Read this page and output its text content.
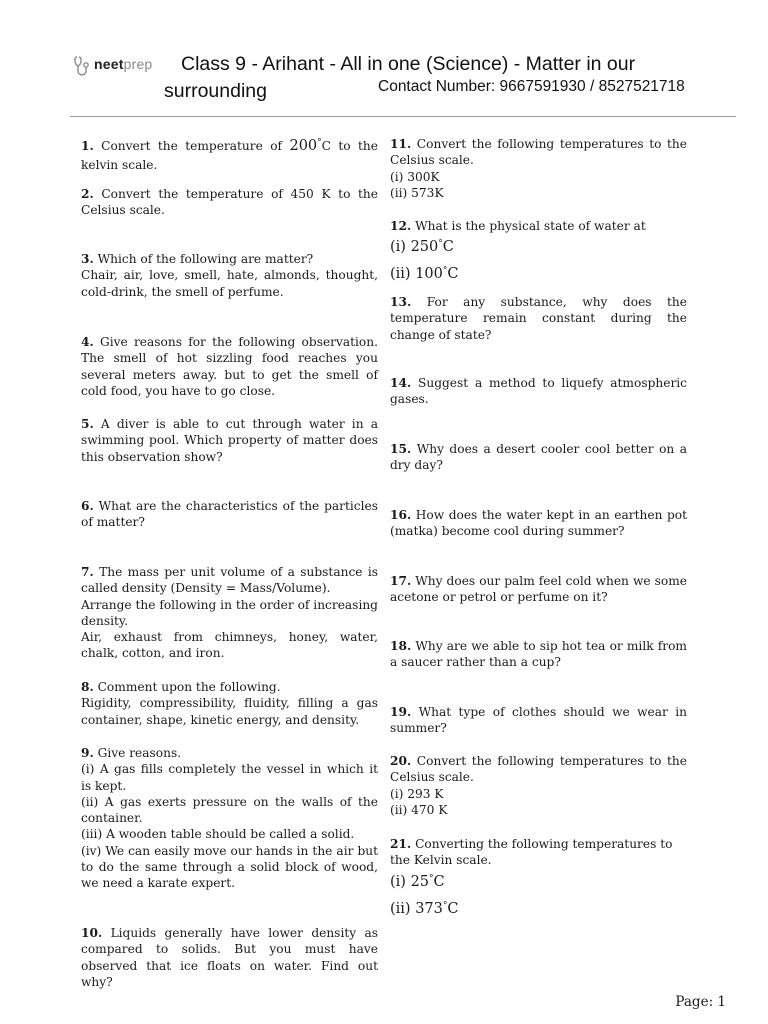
neetprep Class 9 - Arihant - All in one (Science) - Matter in our
surrounding	Contact Number: 9667591930 / 8527521718

1. Convert the temperature of 200°C to the kelvin scale.

2. Convert the temperature of 450 K to the Celsius scale.

3. Which of the following are matter?

Chair, air, love, smell, hate, almonds, thought, cold-drink, the smell of perfume.

4. Give reasons for the following observation. The smell of hot sizzling food reaches you several meters away. but to get the smell of cold food, you have to go close.

5. A diver is able to cut through water in a swimming pool. Which property of matter does this observation show?

6. What are the characteristics of the particles of matter?

7. The mass per unit volume of a substance is called density (Density = Mass/Volume).

Arrange the following in the order of increasing density.

Air, exhaust from chimneys, honey, water, chalk, cotton, and iron.

8. Comment upon the following.

Rigidity, compressibility, fluidity, filling a gas container, shape, kinetic energy, and density.

9. Give reasons.

(i) A gas fills completely the vessel in which it is kept.

(ii) A gas exerts pressure on the walls of the container.

(iii) A wooden table should be called a solid.

(iv) We can easily move our hands in the air but to do the same through a solid block of wood, we need a karate expert.

10. Liquids generally have lower density as compared to solids. But you must have observed that ice floats on water. Find out why?

11. Convert the following temperatures to the Celsius scale.

(i) 300K

(ii) 573K

12. What is the physical state of water at

(i) 250°C

(ii) 100°C

13. For any substance, why does the temperature remain constant during the change of state?

14. Suggest a method to liquefy atmospheric gases.

15. Why does a desert cooler cool better on a dry day?

16. How does the water kept in an earthen pot (matka) become cool during summer?

17. Why does our palm feel cold when we some acetone or petrol or perfume on it?

18. Why are we able to sip hot tea or milk from a saucer rather than a cup?

19. What type of clothes should we wear in summer?

20. Convert the following temperatures to the Celsius scale.

(i) 293 K

(ii) 470 K

21. Converting the following temperatures to the Kelvin scale.

(i) 25°C

(ii) 373°C

Page: 1
